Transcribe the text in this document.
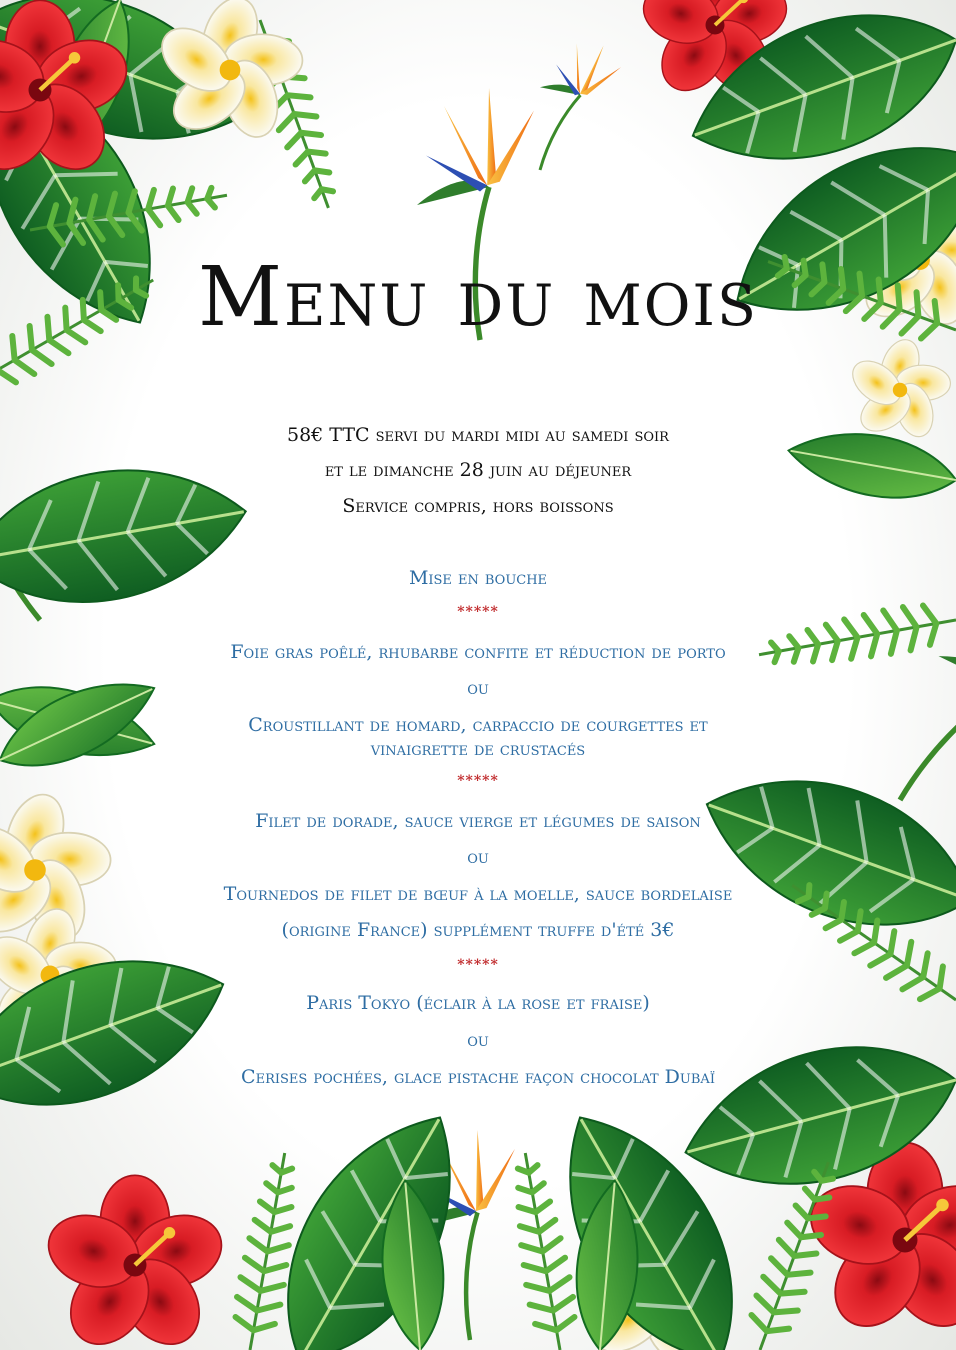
Menu du mois
58€ TTC servi du mardi midi au samedi soir
et le dimanche 28 juin au déjeuner
Service compris, hors boissons
Mise en bouche
*****
Foie gras poêlé, rhubarbe confite et réduction de porto
ou
Croustillant de homard, carpaccio de courgettes et
vinaigrette de crustacés
*****
Filet de dorade, sauce vierge et légumes de saison
ou
Tournedos de filet de bœuf à la moelle, sauce bordelaise
(origine France) supplément truffe d'été 3€
*****
Paris Tokyo (éclair à la rose et fraise)
ou
Cerises pochées, glace pistache façon chocolat Dubaï
